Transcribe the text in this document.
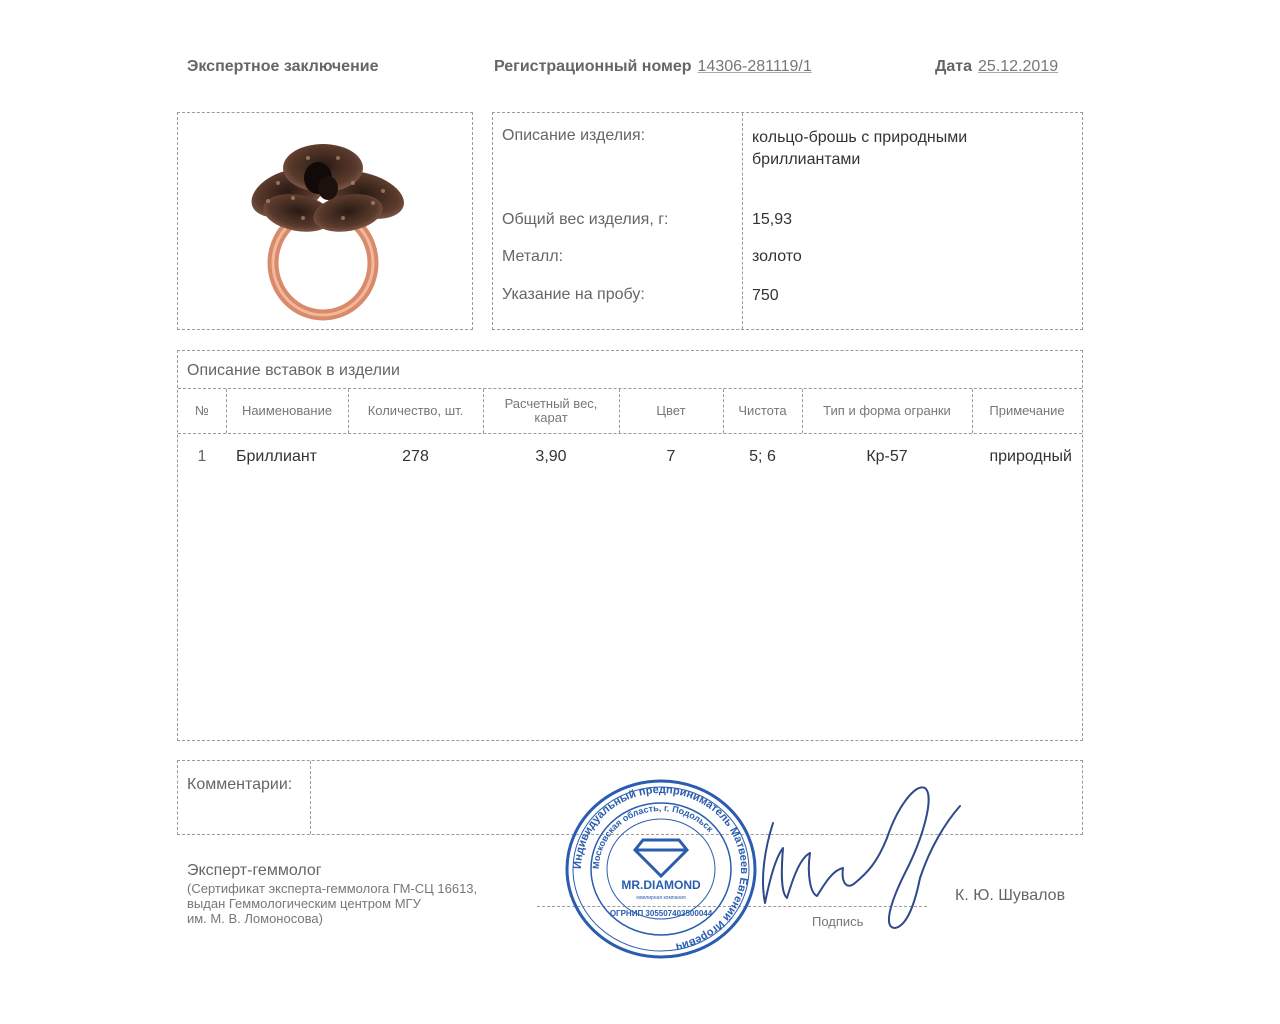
Экспертное заключение	Регистрационный номер 14306-281119/1	Дата 25.12.2019
Описание изделия:	кольцо-брошь с природными
бриллиантами
Общий вес изделия, г:	15,93
Металл:	золото
Указание на пробу:	750
Описание вставок в изделии
№	Наименование	Количество, шт.	Расчетный вес, карат	Цвет	Чистота	Тип и форма огранки	Примечание
1	Бриллиант	278	3,90	7	5; 6	Кр-57	природный
Комментарии:
Эксперт-геммолог
(Сертификат эксперта-геммолога ГМ-СЦ 16613,
выдан Геммологическим центром МГУ
им. М. В. Ломоносова)	Подпись
К. Ю. Шувалов
Индивидуальный предприниматель Матвеев Евгений Игоревич
Московская область, г. Подольск
MR.DIAMOND
ювелирная компания
ОГРНИП 305507403500044
